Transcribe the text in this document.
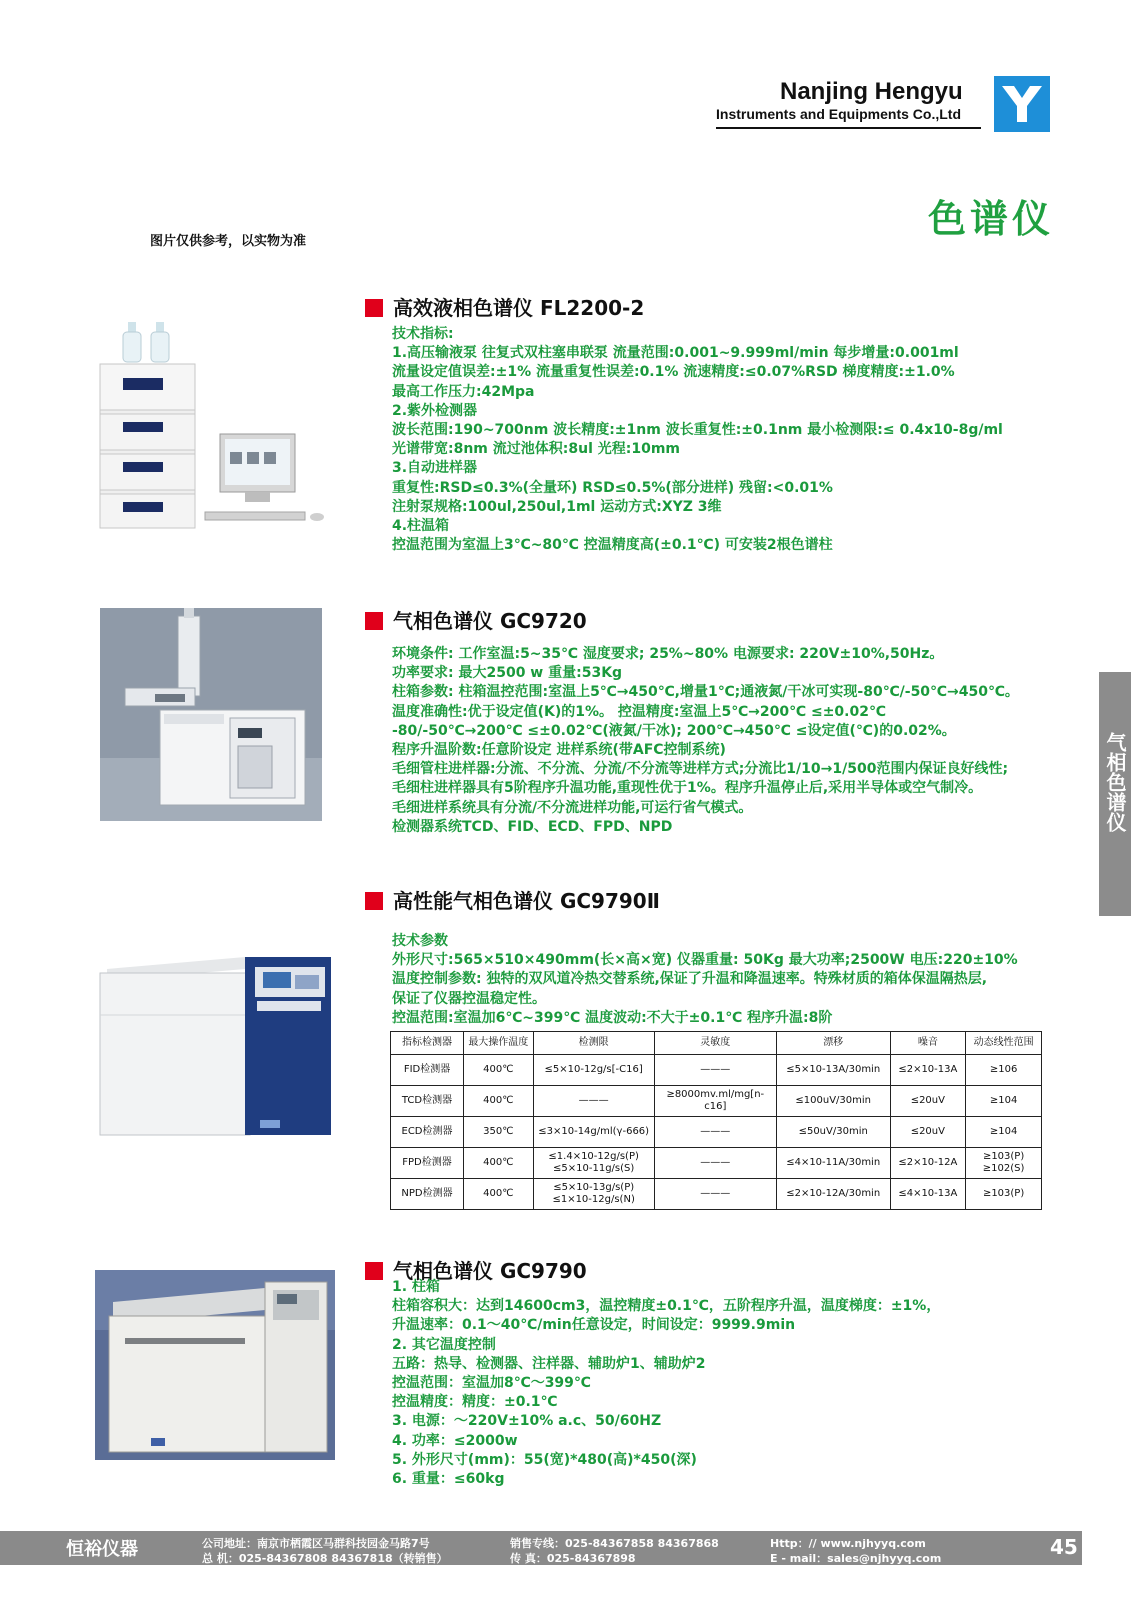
Nanjing Hengyu
Instruments and Equipments Co.,Ltd
色谱仪
图片仅供参考，以实物为准
气相色谱仪
高效液相色谱仪 FL2200-2
技术指标:
1.高压输液泵 往复式双柱塞串联泵 流量范围:0.001~9.999ml/min 每步增量:0.001ml
流量设定值误差:±1% 流量重复性误差:0.1% 流速精度:≤0.07%RSD 梯度精度:±1.0%
最高工作压力:42Mpa
2.紫外检测器
波长范围:190~700nm 波长精度:±1nm 波长重复性:±0.1nm 最小检测限:≤ 0.4x10-8g/ml
光谱带宽:8nm 流过池体积:8ul 光程:10mm
3.自动进样器
重复性:RSD≤0.3%(全量环) RSD≤0.5%(部分进样) 残留:<0.01%
注射泵规格:100ul,250ul,1ml 运动方式:XYZ 3维
4.柱温箱
控温范围为室温上3℃~80℃ 控温精度高(±0.1℃) 可安装2根色谱柱
气相色谱仪 GC9720
环境条件: 工作室温:5~35℃ 湿度要求; 25%~80% 电源要求: 220V±10%,50Hz。
功率要求: 最大2500 w 重量:53Kg
柱箱参数: 柱箱温控范围:室温上5℃→450℃,增量1℃;通液氮/干冰可实现-80℃/-50℃→450℃。
温度准确性:优于设定值(K)的1%。 控温精度:室温上5℃→200℃ ≤±0.02℃
-80/-50℃→200℃ ≤±0.02℃(液氮/干冰); 200℃→450℃ ≤设定值(℃)的0.02%。
程序升温阶数:任意阶设定 进样系统(带AFC控制系统)
毛细管柱进样器:分流、不分流、分流/不分流等进样方式;分流比1/10→1/500范围内保证良好线性;
毛细柱进样器具有5阶程序升温功能,重现性优于1%。程序升温停止后,采用半导体或空气制冷。
毛细进样系统具有分流/不分流进样功能,可运行省气模式。
检测器系统TCD、FID、ECD、FPD、NPD
高性能气相色谱仪 GC9790Ⅱ
技术参数
外形尺寸:565×510×490mm(长×高×宽) 仪器重量: 50Kg 最大功率;2500W 电压:220±10%
温度控制参数: 独特的双风道冷热交替系统,保证了升温和降温速率。特殊材质的箱体保温隔热层,
保证了仪器控温稳定性。
控温范围:室温加6℃~399℃ 温度波动:不大于±0.1℃ 程序升温:8阶
指标检测器	最大操作温度	检测限	灵敏度	漂移	噪音	动态线性范围
FID检测器	400℃	≤5×10-12g/s[-C16]	———	≤5×10-13A/30min	≤2×10-13A	≥106
TCD检测器	400℃	———	≥8000mv.ml/mg[n-c16]	≤100uV/30min	≤20uV	≥104
ECD检测器	350℃	≤3×10-14g/ml(γ-666)	———	≤50uV/30min	≤20uV	≥104
FPD检测器	400℃	≤1.4×10-12g/s(P)
≤5×10-11g/s(S)	———	≤4×10-11A/30min	≤2×10-12A	≥103(P)
≥102(S)
NPD检测器	400℃	≤5×10-13g/s(P)
≤1×10-12g/s(N)	———	≤2×10-12A/30min	≤4×10-13A	≥103(P)
气相色谱仪 GC9790
1. 柱箱
柱箱容积大：达到14600cm3，温控精度±0.1℃，五阶程序升温，温度梯度：±1%，
升温速率：0.1～40℃/min任意设定，时间设定：9999.9min
2. 其它温度控制
五路：热导、检测器、注样器、辅助炉1、辅助炉2
控温范围：室温加8℃～399℃
控温精度：精度：±0.1℃
3. 电源：～220V±10% a.c、50/60HZ
4. 功率：≤2000w
5. 外形尺寸(mm)：55(宽)*480(高)*450(深)
6. 重量：≤60kg
恒裕仪器	公司地址：南京市栖霞区马群科技园金马路7号
总 机：025-84367808 84367818（转销售）
销售专线：025-84367858 84367868
传 真：025-84367898
Http：// www.njhyyq.com
E - mail：sales@njhyyq.com	45
